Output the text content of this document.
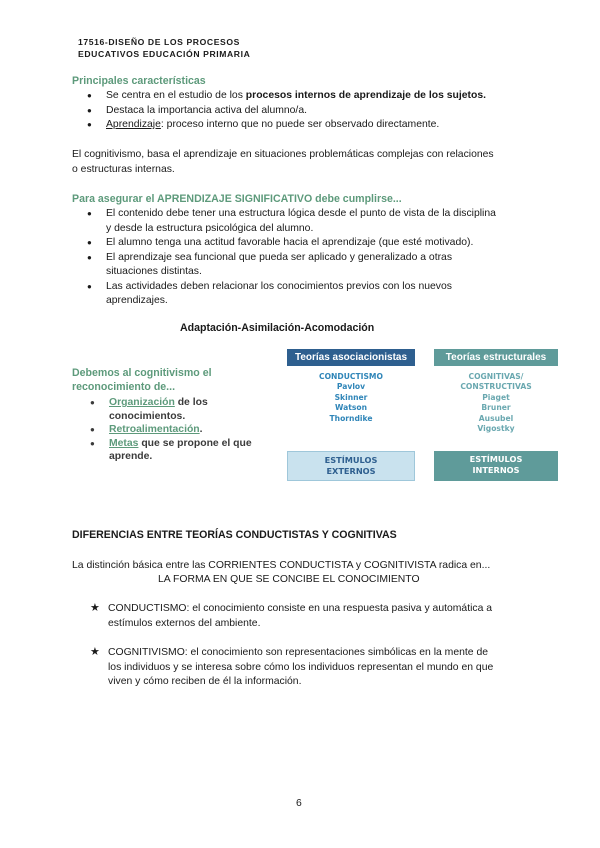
17516-DISEÑO DE LOS PROCESOS
EDUCATIVOS EDUCACIÓN PRIMARIA
Principales características
● Se centra en el estudio de los procesos internos de aprendizaje de los sujetos.
● Destaca la importancia activa del alumno/a.
● Aprendizaje: proceso interno que no puede ser observado directamente.
El cognitivismo, basa el aprendizaje en situaciones problemáticas complejas con relaciones
o estructuras internas.
Para asegurar el APRENDIZAJE SIGNIFICATIVO debe cumplirse...
● El contenido debe tener una estructura lógica desde el punto de vista de la disciplina
y desde la estructura psicológica del alumno.
● El alumno tenga una actitud favorable hacia el aprendizaje (que esté motivado).
● El aprendizaje sea funcional que pueda ser aplicado y generalizado a otras
situaciones distintas.
● Las actividades deben relacionar los conocimientos previos con los nuevos
aprendizajes.
Adaptación-Asimilación-Acomodación
Debemos al cognitivismo el
reconocimiento de...
● Organización de los
conocimientos.
● Retroalimentación.
● Metas que se propone el que
aprende.
Teorías asociacionistas
CONDUCTISMO
Pavlov
Skinner
Watson
Thorndike
ESTÍMULOS
EXTERNOS
Teorías estructurales
COGNITIVAS/
CONSTRUCTIVAS
Piaget
Bruner
Ausubel
Vigostky
ESTÍMULOS
INTERNOS
DIFERENCIAS ENTRE TEORÍAS CONDUCTISTAS Y COGNITIVAS
La distinción básica entre las CORRIENTES CONDUCTISTA y COGNITIVISTA radica en...
LA FORMA EN QUE SE CONCIBE EL CONOCIMIENTO
★ CONDUCTISMO: el conocimiento consiste en una respuesta pasiva y automática a
estímulos externos del ambiente.
★ COGNITIVISMO: el conocimiento son representaciones simbólicas en la mente de
los individuos y se interesa sobre cómo los individuos representan el mundo en que
viven y cómo reciben de él la información.
6
